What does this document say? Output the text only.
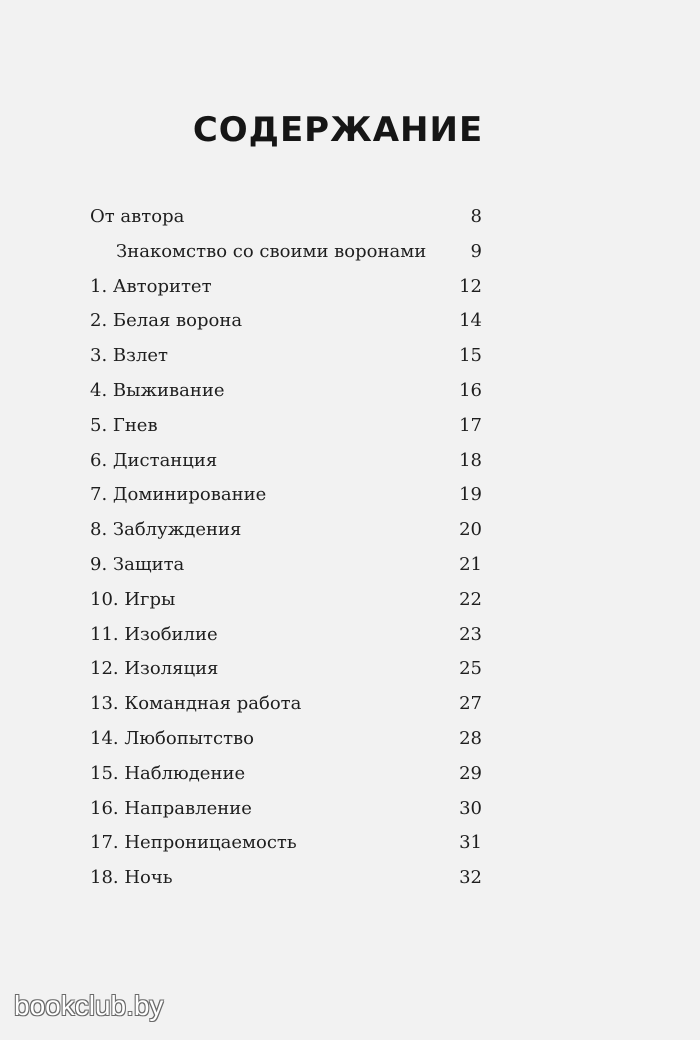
СОДЕРЖАНИЕ
От автора	8
Знакомство со своими воронами 9
1. Авторитет	12
2. Белая ворона	14
3. Взлет	15
4. Выживание	16
5. Гнев	17
6. Дистанция	18
7. Доминирование	19
8. Заблуждения	20
9. Защита	21
10. Игры	22
11. Изобилие	23
12. Изоляция	25
13. Командная работа	27
14. Любопытство	28
15. Наблюдение	29
16. Направление	30
17. Непроницаемость	31
18. Ночь	32
bookclub.by
